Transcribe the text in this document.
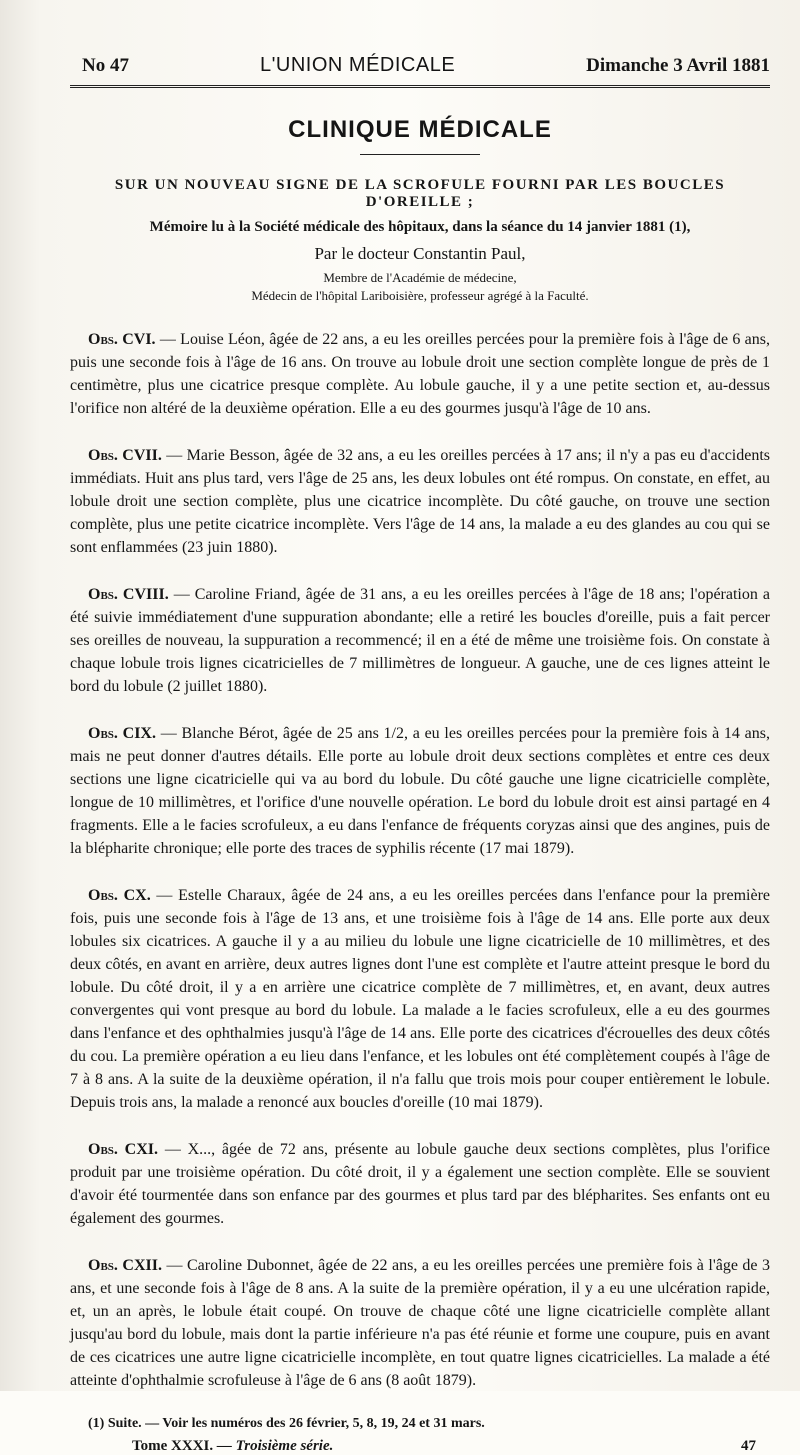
No 47	L'UNION MÉDICALE	Dimanche 3 Avril 1881
CLINIQUE MÉDICALE
SUR UN NOUVEAU SIGNE DE LA SCROFULE FOURNI PAR LES BOUCLES D'OREILLE ;
Mémoire lu à la Société médicale des hôpitaux, dans la séance du 14 janvier 1881 (1),
Par le docteur Constantin Paul,
Membre de l'Académie de médecine,
Médecin de l'hôpital Lariboisière, professeur agrégé à la Faculté.

Obs. CVI. — Louise Léon, âgée de 22 ans, a eu les oreilles percées pour la première fois à l'âge de 6 ans, puis une seconde fois à l'âge de 16 ans. On trouve au lobule droit une section complète longue de près de 1 centimètre, plus une cicatrice presque complète. Au lobule gauche, il y a une petite section et, au-dessus l'orifice non altéré de la deuxième opération. Elle a eu des gourmes jusqu'à l'âge de 10 ans.

Obs. CVII. — Marie Besson, âgée de 32 ans, a eu les oreilles percées à 17 ans; il n'y a pas eu d'accidents immédiats. Huit ans plus tard, vers l'âge de 25 ans, les deux lobules ont été rompus. On constate, en effet, au lobule droit une section complète, plus une cicatrice incomplète. Du côté gauche, on trouve une section complète, plus une petite cicatrice incomplète. Vers l'âge de 14 ans, la malade a eu des glandes au cou qui se sont enflammées (23 juin 1880).

Obs. CVIII. — Caroline Friand, âgée de 31 ans, a eu les oreilles percées à l'âge de 18 ans; l'opération a été suivie immédiatement d'une suppuration abondante; elle a retiré les boucles d'oreille, puis a fait percer ses oreilles de nouveau, la suppuration a recommencé; il en a été de même une troisième fois. On constate à chaque lobule trois lignes cicatricielles de 7 millimètres de longueur. A gauche, une de ces lignes atteint le bord du lobule (2 juillet 1880).

Obs. CIX. — Blanche Bérot, âgée de 25 ans 1/2, a eu les oreilles percées pour la première fois à 14 ans, mais ne peut donner d'autres détails. Elle porte au lobule droit deux sections complètes et entre ces deux sections une ligne cicatricielle qui va au bord du lobule. Du côté gauche une ligne cicatricielle complète, longue de 10 millimètres, et l'orifice d'une nouvelle opération. Le bord du lobule droit est ainsi partagé en 4 fragments. Elle a le facies scrofuleux, a eu dans l'enfance de fréquents coryzas ainsi que des angines, puis de la blépharite chronique; elle porte des traces de syphilis récente (17 mai 1879).

Obs. CX. — Estelle Charaux, âgée de 24 ans, a eu les oreilles percées dans l'enfance pour la première fois, puis une seconde fois à l'âge de 13 ans, et une troisième fois à l'âge de 14 ans. Elle porte aux deux lobules six cicatrices. A gauche il y a au milieu du lobule une ligne cicatricielle de 10 millimètres, et des deux côtés, en avant en arrière, deux autres lignes dont l'une est complète et l'autre atteint presque le bord du lobule. Du côté droit, il y a en arrière une cicatrice complète de 7 millimètres, et, en avant, deux autres convergentes qui vont presque au bord du lobule. La malade a le facies scrofuleux, elle a eu des gourmes dans l'enfance et des ophthalmies jusqu'à l'âge de 14 ans. Elle porte des cicatrices d'écrouelles des deux côtés du cou. La première opération a eu lieu dans l'enfance, et les lobules ont été complètement coupés à l'âge de 7 à 8 ans. A la suite de la deuxième opération, il n'a fallu que trois mois pour couper entièrement le lobule. Depuis trois ans, la malade a renoncé aux boucles d'oreille (10 mai 1879).

Obs. CXI. — X..., âgée de 72 ans, présente au lobule gauche deux sections complètes, plus l'orifice produit par une troisième opération. Du côté droit, il y a également une section complète. Elle se souvient d'avoir été tourmentée dans son enfance par des gourmes et plus tard par des blépharites. Ses enfants ont eu également des gourmes.

Obs. CXII. — Caroline Dubonnet, âgée de 22 ans, a eu les oreilles percées une première fois à l'âge de 3 ans, et une seconde fois à l'âge de 8 ans. A la suite de la première opération, il y a eu une ulcération rapide, et, un an après, le lobule était coupé. On trouve de chaque côté une ligne cicatricielle complète allant jusqu'au bord du lobule, mais dont la partie inférieure n'a pas été réunie et forme une coupure, puis en avant de ces cicatrices une autre ligne cicatricielle incomplète, en tout quatre lignes cicatricielles. La malade a été atteinte d'ophthalmie scrofuleuse à l'âge de 6 ans (8 août 1879).

(1) Suite. — Voir les numéros des 26 février, 5, 8, 19, 24 et 31 mars.
Tome XXXI. — Troisième série.	47
